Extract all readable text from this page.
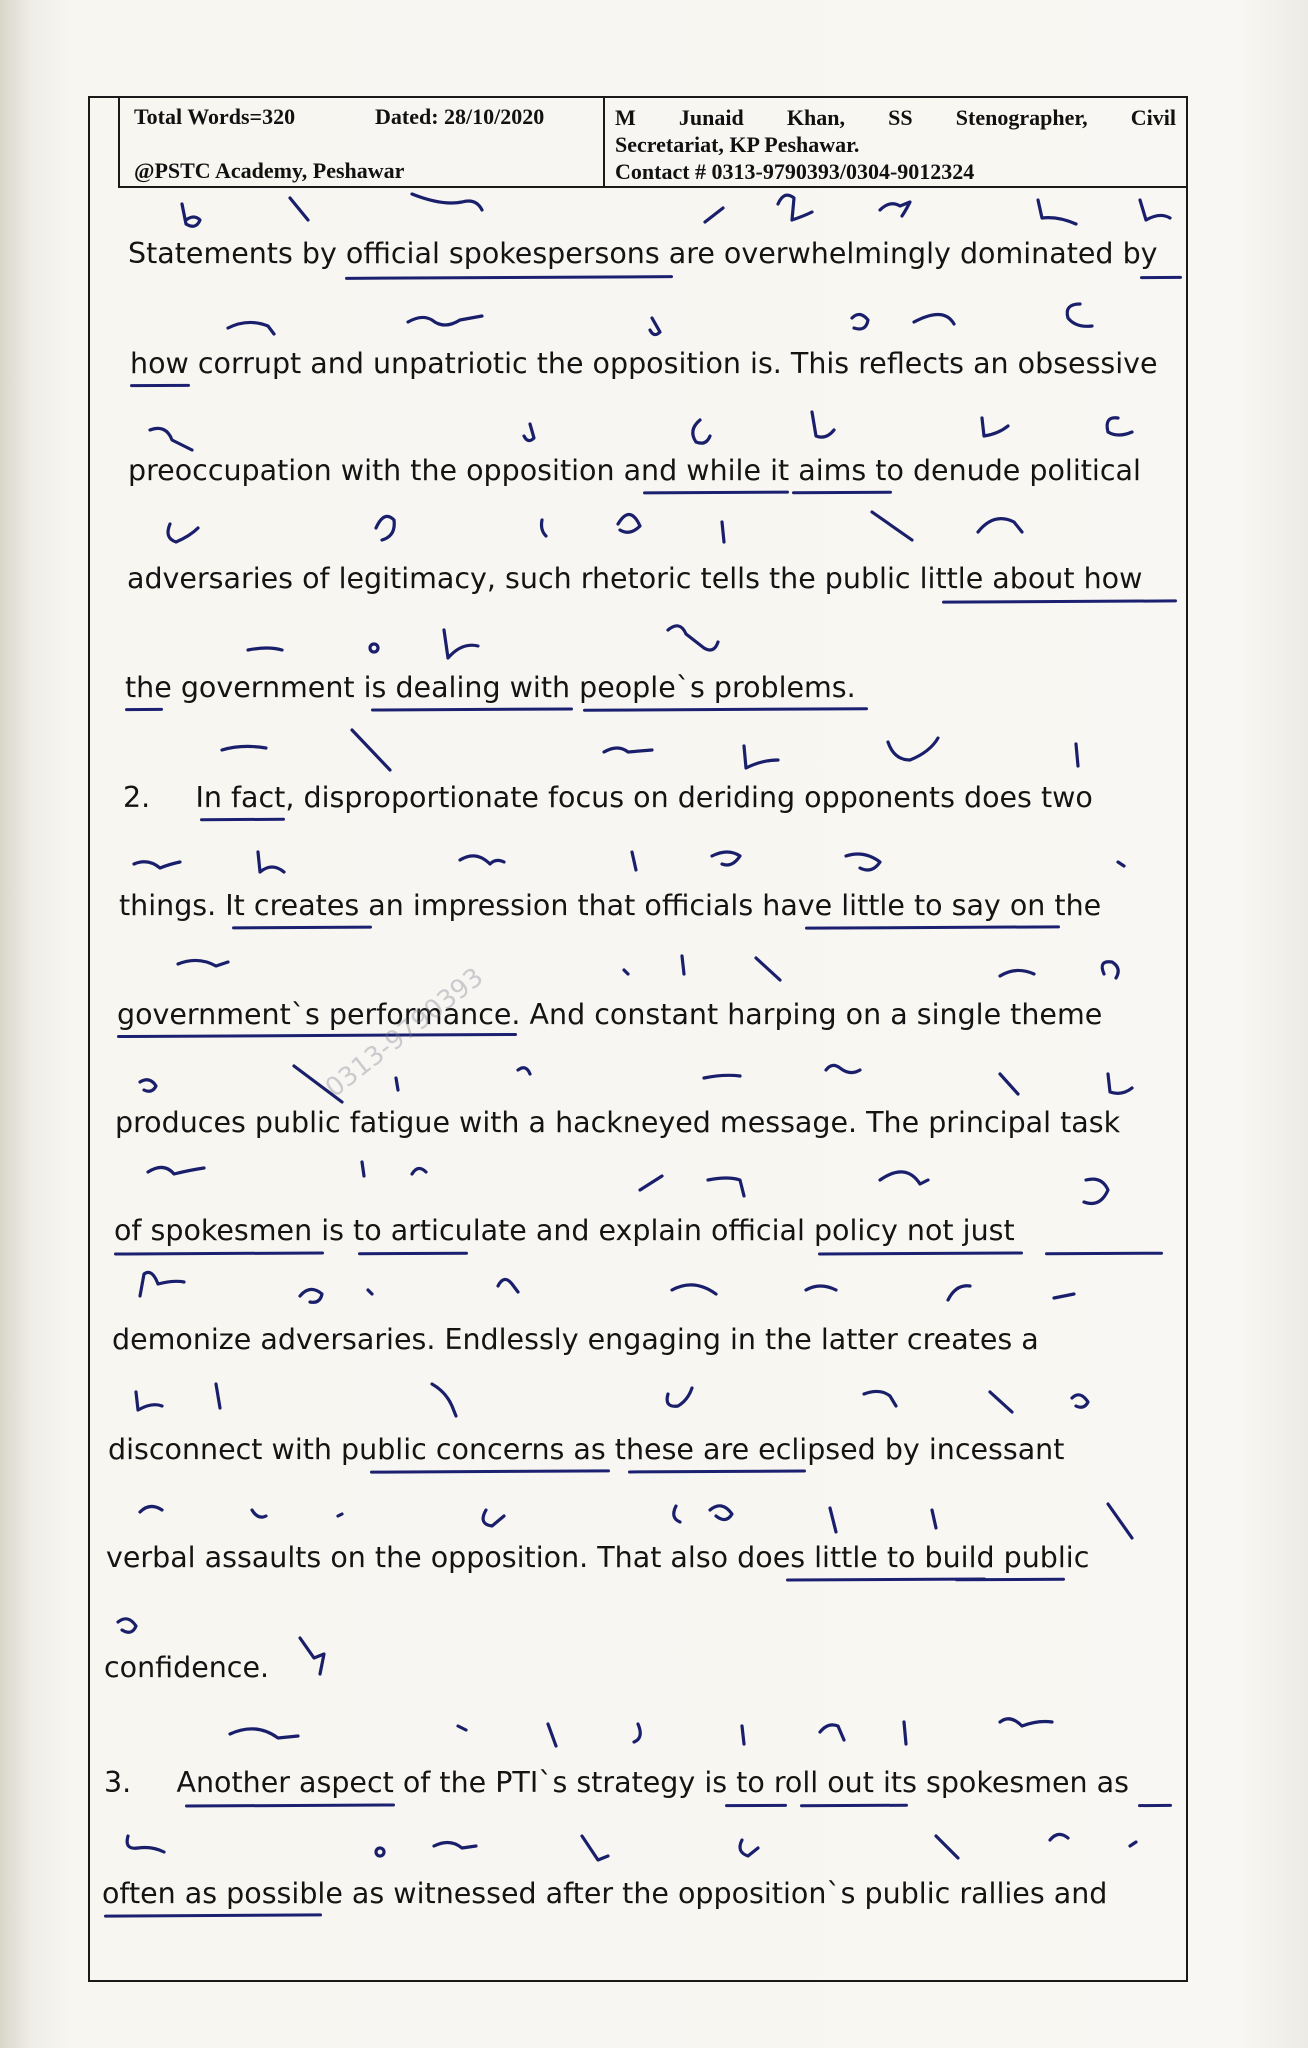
Total Words=320	Dated: 28/10/2020
@PSTC Academy, Peshawar
M Junaid Khan, SS Stenographer, Civil
Secretariat, KP Peshawar.
Contact # 0313-9790393/0304-9012324
Statements by official spokespersons are overwhelmingly dominated by
how corrupt and unpatriotic the opposition is. This reflects an obsessive
preoccupation with the opposition and while it aims to denude political
adversaries of legitimacy, such rhetoric tells the public little about how
the government is dealing with people`s problems.
2.     In fact, disproportionate focus on deriding opponents does two
things. It creates an impression that officials have little to say on the
government`s performance. And constant harping on a single theme
produces public fatigue with a hackneyed message. The principal task
of spokesmen is to articulate and explain official policy not just
demonize adversaries. Endlessly engaging in the latter creates a
disconnect with public concerns as these are eclipsed by incessant
verbal assaults on the opposition. That also does little to build public
confidence.
3.     Another aspect of the PTI`s strategy is to roll out its spokesmen as
often as possible as witnessed after the opposition`s public rallies and
0313-9790393
